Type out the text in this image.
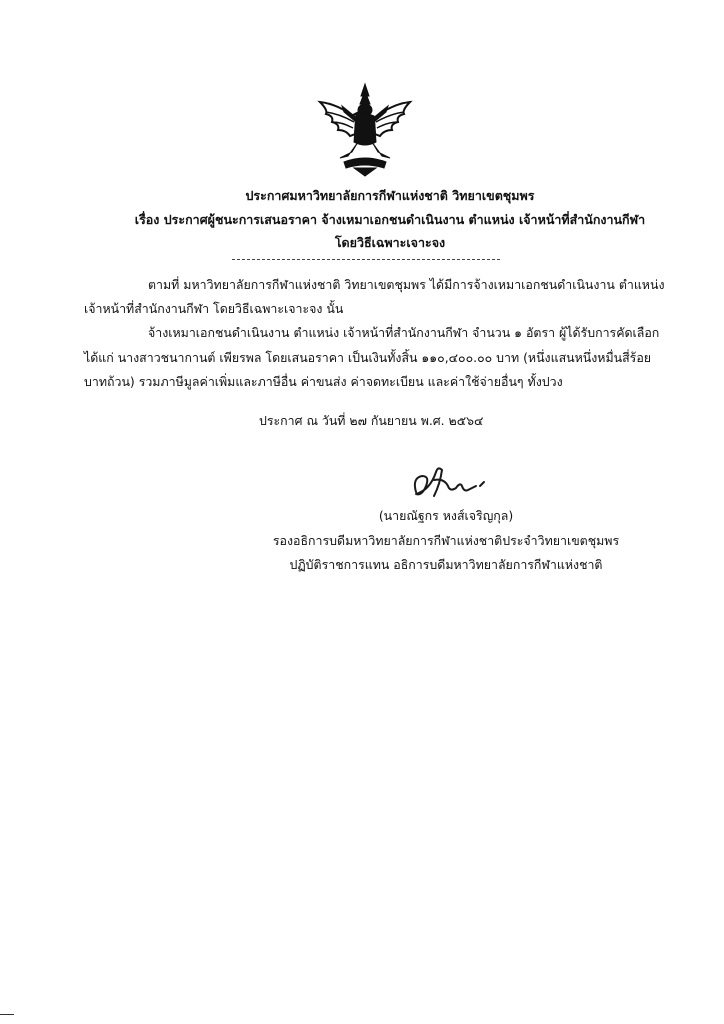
ประกาศมหาวิทยาลัยการกีฬาแห่งชาติ วิทยาเขตชุมพร
เรื่อง ประกาศผู้ชนะการเสนอราคา จ้างเหมาเอกชนดำเนินงาน ตำแหน่ง เจ้าหน้าที่สำนักงานกีฬา
โดยวิธีเฉพาะเจาะจง
ตามที่ มหาวิทยาลัยการกีฬาแห่งชาติ วิทยาเขตชุมพร ได้มีการจ้างเหมาเอกชนดำเนินงาน ตำแหน่ง
เจ้าหน้าที่สำนักงานกีฬา โดยวิธีเฉพาะเจาะจง นั้น
จ้างเหมาเอกชนดำเนินงาน ตำแหน่ง เจ้าหน้าที่สำนักงานกีฬา จำนวน ๑ อัตรา ผู้ได้รับการคัดเลือก
ได้แก่ นางสาวชนากานต์ เพียรพล โดยเสนอราคา เป็นเงินทั้งสิ้น ๑๑๐,๔๐๐.๐๐ บาท (หนึ่งแสนหนึ่งหมื่นสี่ร้อย
บาทถ้วน) รวมภาษีมูลค่าเพิ่มและภาษีอื่น ค่าขนส่ง ค่าจดทะเบียน และค่าใช้จ่ายอื่นๆ ทั้งปวง
ประกาศ ณ วันที่ ๒๗ กันยายน พ.ศ. ๒๕๖๔
(นายณัฐกร หงส์เจริญกุล)
รองอธิการบดีมหาวิทยาลัยการกีฬาแห่งชาติประจำวิทยาเขตชุมพร
ปฏิบัติราชการแทน อธิการบดีมหาวิทยาลัยการกีฬาแห่งชาติ
